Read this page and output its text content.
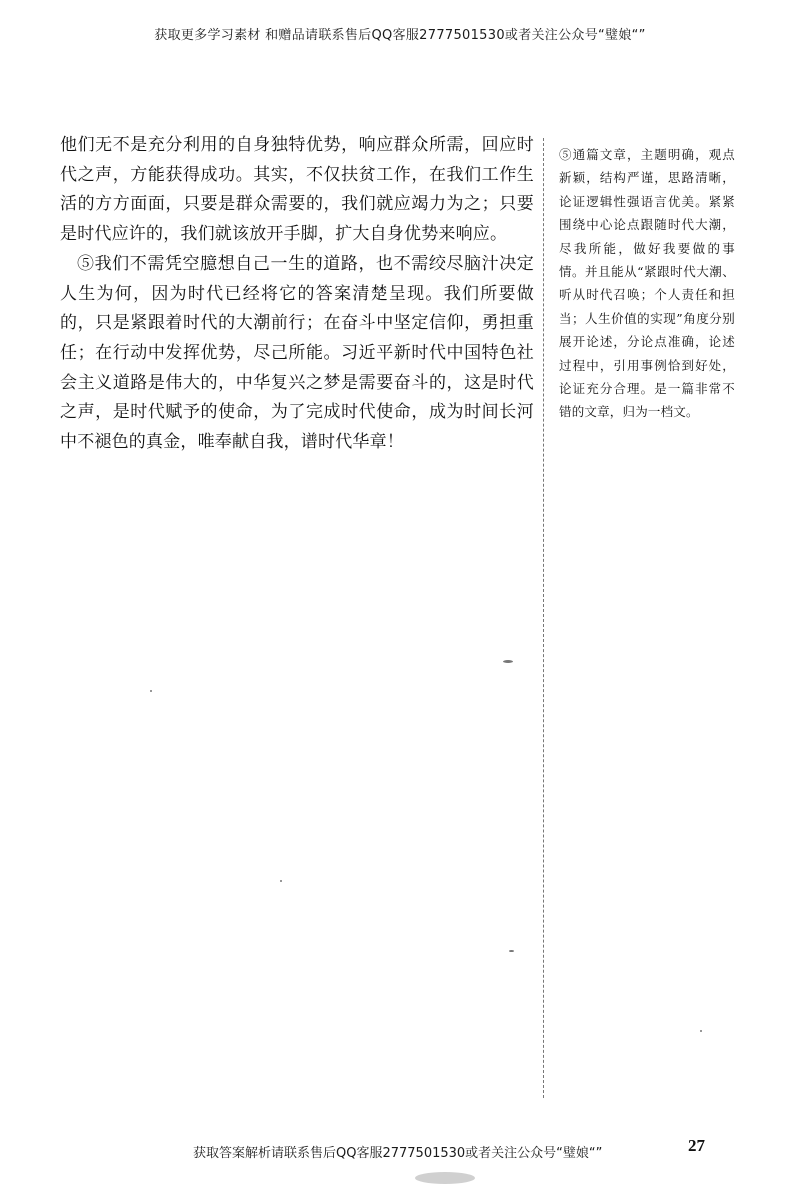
获取更多学习素材 和赠品请联系售后QQ客服2777501530或者关注公众号“璧娘“”

他们无不是充分利用的自身独特优势，响应群众所需，回应时代之声，方能获得成功。其实，不仅扶贫工作，在我们工作生活的方方面面，只要是群众需要的，我们就应竭力为之；只要是时代应许的，我们就该放开手脚，扩大自身优势来响应。

⑤我们不需凭空臆想自己一生的道路，也不需绞尽脑汁决定人生为何，因为时代已经将它的答案清楚呈现。我们所要做的，只是紧跟着时代的大潮前行；在奋斗中坚定信仰，勇担重任；在行动中发挥优势，尽己所能。习近平新时代中国特色社会主义道路是伟大的，中华复兴之梦是需要奋斗的，这是时代之声，是时代赋予的使命，为了完成时代使命，成为时间长河中不褪色的真金，唯奉献自我，谱时代华章！

⑤通篇文章，主题明确，观点新颖，结构严谨，思路清晰，论证逻辑性强语言优美。紧紧围绕中心论点跟随时代大潮，尽我所能，做好我要做的事情。并且能从“紧跟时代大潮、听从时代召唤；个人责任和担当；人生价值的实现”角度分别展开论述，分论点准确，论述过程中，引用事例恰到好处，论证充分合理。是一篇非常不错的文章，归为一档文。
获取答案解析请联系售后QQ客服2777501530或者关注公众号“璧娘“”	27
